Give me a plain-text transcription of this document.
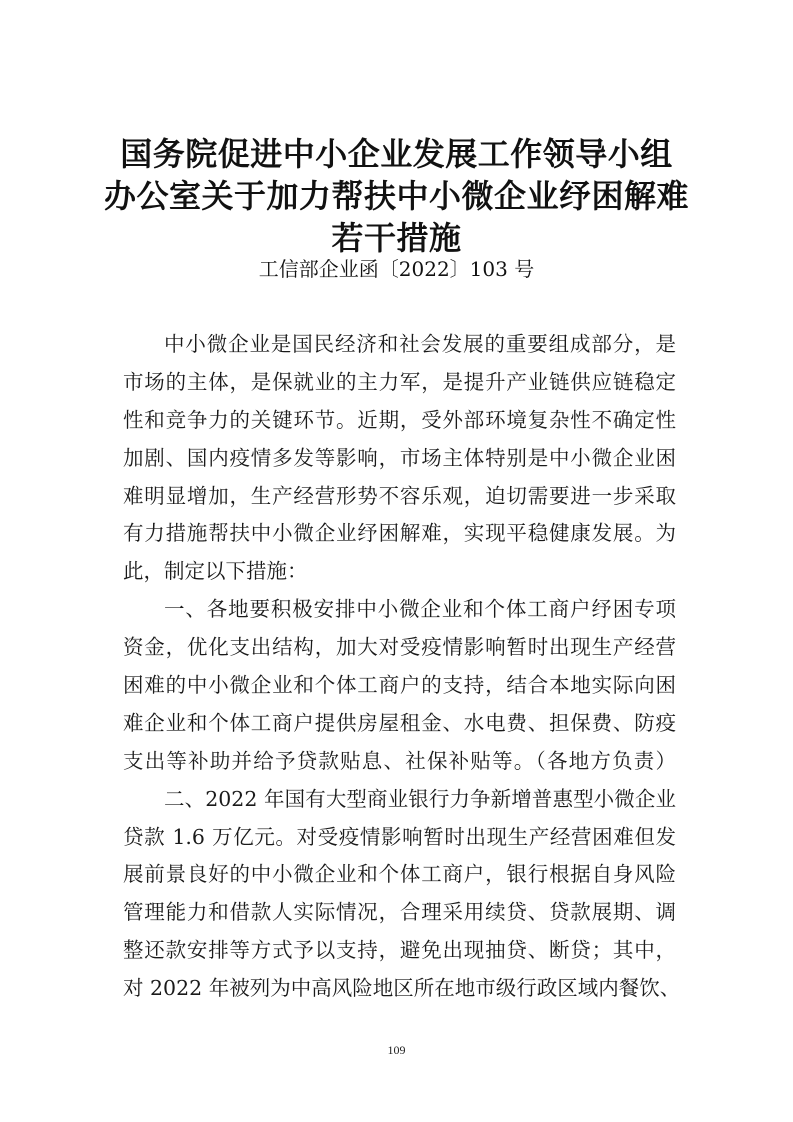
国务院促进中小企业发展工作领导小组
办公室关于加力帮扶中小微企业纾困解难
若干措施
工信部企业函〔2022〕103 号
中小微企业是国民经济和社会发展的重要组成部分，是
市场的主体，是保就业的主力军，是提升产业链供应链稳定
性和竞争力的关键环节。近期，受外部环境复杂性不确定性
加剧、国内疫情多发等影响，市场主体特别是中小微企业困
难明显增加，生产经营形势不容乐观，迫切需要进一步采取
有力措施帮扶中小微企业纾困解难，实现平稳健康发展。为
此，制定以下措施：
一、各地要积极安排中小微企业和个体工商户纾困专项
资金，优化支出结构，加大对受疫情影响暂时出现生产经营
困难的中小微企业和个体工商户的支持，结合本地实际向困
难企业和个体工商户提供房屋租金、水电费、担保费、防疫
支出等补助并给予贷款贴息、社保补贴等。（各地方负责）
二、2022 年国有大型商业银行力争新增普惠型小微企业
贷款 1.6 万亿元。对受疫情影响暂时出现生产经营困难但发
展前景良好的中小微企业和个体工商户，银行根据自身风险
管理能力和借款人实际情况，合理采用续贷、贷款展期、调
整还款安排等方式予以支持，避免出现抽贷、断贷；其中，
对 2022 年被列为中高风险地区所在地市级行政区域内餐饮、
109
